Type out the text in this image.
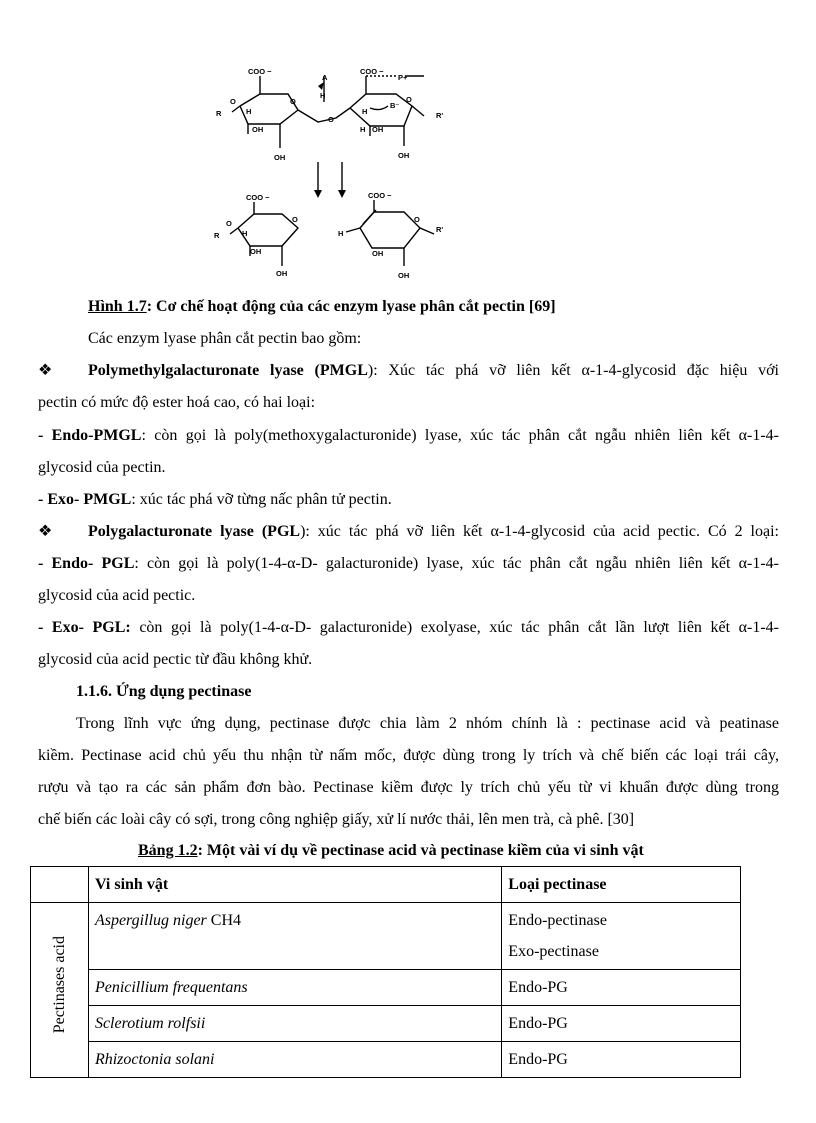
COO −
R
O	O
H
OH
OH
O
A
H
COO −
P+
H
B⁻
O
H OH
OH
R'
COO −
R
O	O
H
OH
OH
COO −
H
O
OH
OH
R'
Hình 1.7: Cơ chế hoạt động của các enzym lyase phân cắt pectin [69]
Các enzym lyase phân cắt pectin bao gồm:
❖ Polymethylgalacturonate lyase (PMGL): Xúc tác phá vỡ liên kết α-1-4-glycosid đặc hiệu với
pectin có mức độ ester hoá cao, có hai loại:
- Endo-PMGL: còn gọi là poly(methoxygalacturonide) lyase, xúc tác phân cắt ngẫu nhiên liên kết α-1-4-
glycosid của pectin.
- Exo- PMGL: xúc tác phá vỡ từng nấc phân tử pectin.
❖ Polygalacturonate lyase (PGL): xúc tác phá vỡ liên kết α-1-4-glycosid của acid pectic. Có 2 loại:
- Endo- PGL: còn gọi là poly(1-4-α-D- galacturonide) lyase, xúc tác phân cắt ngẫu nhiên liên kết α-1-4-
glycosid của acid pectic.
- Exo- PGL: còn gọi là poly(1-4-α-D- galacturonide) exolyase, xúc tác phân cắt lần lượt liên kết α-1-4-
glycosid của acid pectic từ đầu không khử.
1.1.6. Ứng dụng pectinase
Trong lĩnh vực ứng dụng, pectinase được chia làm 2 nhóm chính là : pectinase acid và peatinase
kiềm. Pectinase acid chủ yếu thu nhận từ nấm mốc, được dùng trong ly trích và chế biến các loại trái cây,
rượu và tạo ra các sản phẩm đơn bào. Pectinase kiềm được ly trích chủ yếu từ vi khuẩn được dùng trong
chế biến các loài cây có sợi, trong công nghiệp giấy, xử lí nước thải, lên men trà, cà phê. [30]
Bảng 1.2: Một vài ví dụ về pectinase acid và pectinase kiềm của vi sinh vật
	Vi sinh vật	Loại pectinase
Pectinases acid	Aspergillug niger CH4	Endo-pectinase
Exo-pectinase

	Penicillium frequentans	Endo-PG
	Sclerotium rolfsii	Endo-PG
	Rhizoctonia solani	Endo-PG
